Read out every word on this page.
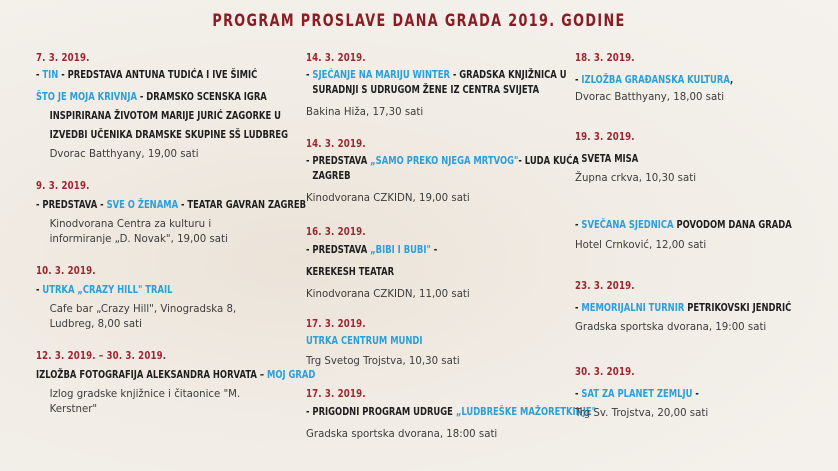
PROGRAM PROSLAVE DANA GRADA 2019. GODINE
7. 3. 2019.
- TIN - PREDSTAVA ANTUNA TUDIĆA I IVE ŠIMIĆ
ŠTO JE MOJA KRIVNJA - DRAMSKO SCENSKA IGRA
INSPIRIRANA ŽIVOTOM MARIJE JURIĆ ZAGORKE U
IZVEDBI UČENIKA DRAMSKE SKUPINE SŠ LUDBREG
Dvorac Batthyany, 19,00 sati
9. 3. 2019.
- PREDSTAVA - SVE O ŽENAMA - TEATAR GAVRAN ZAGREB
Kinodvorana Centra za kulturu i
informiranje „D. Novak", 19,00 sati
10. 3. 2019.
- UTRKA „CRAZY HILL" TRAIL
Cafe bar „Crazy Hill", Vinogradska 8,
Ludbreg, 8,00 sati
12. 3. 2019. – 30. 3. 2019.
IZLOŽBA FOTOGRAFIJA ALEKSANDRA HORVATA – MOJ GRAD
Izlog gradske knjižnice i čitaonice "M.
Kerstner"
14. 3. 2019.
- SJEĆANJE NA MARIJU WINTER - GRADSKA KNJIŽNICA U
SURADNJI S UDRUGOM ŽENE IZ CENTRA SVIJETA
Bakina Hiža, 17,30 sati
14. 3. 2019.
- PREDSTAVA „SAMO PREKO NJEGA MRTVOG"- LUDA KUĆA
ZAGREB
Kinodvorana CZKIDN, 19,00 sati
16. 3. 2019.
- PREDSTAVA „BIBI I BUBI" -
KEREKESH TEATAR
Kinodvorana CZKIDN, 11,00 sati
17. 3. 2019.
UTRKA CENTRUM MUNDI
Trg Svetog Trojstva, 10,30 sati
17. 3. 2019.
- PRIGODNI PROGRAM UDRUGE „LUDBREŠKE MAŽORETKINJE"
Gradska sportska dvorana, 18:00 sati
18. 3. 2019.
- IZLOŽBA GRAĐANSKA KULTURA,
Dvorac Batthyany, 18,00 sati
19. 3. 2019.
- SVETA MISA
Župna crkva, 10,30 sati
- SVEČANA SJEDNICA POVODOM DANA GRADA
Hotel Crnković, 12,00 sati
23. 3. 2019.
- MEMORIJALNI TURNIR PETRIKOVSKI JENDRIĆ
Gradska sportska dvorana, 19:00 sati
30. 3. 2019.
- SAT ZA PLANET ZEMLJU -
Trg Sv. Trojstva, 20,00 sati
